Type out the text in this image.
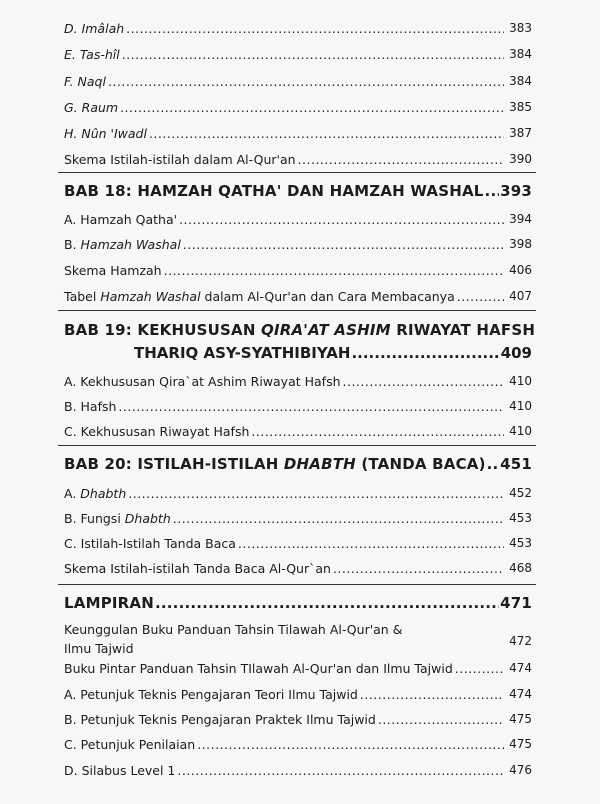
D. Imâlah .....	383
E. Tas-hîl .....	384
F. Naql .....	384
G. Raum .....	385
H. Nûn 'Iwadl .....	387
Skema Istilah-istilah dalam Al-Qur'an .....	390
BAB 18: HAMZAH QATHA' DAN HAMZAH WASHAL ..... 393
A. Hamzah Qatha' .....	394
B. Hamzah Washal .....	398
Skema Hamzah .....	406
Tabel Hamzah Washal dalam Al-Qur'an dan Cara Membacanya .....	407
BAB 19: KEKHUSUSAN QIRA'AT ASHIM RIWAYAT HAFSH
THARIQ ASY-SYATHIBIYAH .....	409
A. Kekhususan Qira`at Ashim Riwayat Hafsh .....	410
B. Hafsh .....	410
C. Kekhususan Riwayat Hafsh .....	410
BAB 20: ISTILAH-ISTILAH DHABTH (TANDA BACA) ..... 451
A. Dhabth .....	452
B. Fungsi Dhabth .....	453
C. Istilah-Istilah Tanda Baca .....	453
Skema Istilah-istilah Tanda Baca Al-Qur`an .....	468
LAMPIRAN .....	471
Keunggulan Buku Panduan Tahsin Tilawah Al-Qur'an &
Ilmu Tajwid	472
Buku Pintar Panduan Tahsin TIlawah Al-Qur'an dan Ilmu Tajwid .....	474
A. Petunjuk Teknis Pengajaran Teori Ilmu Tajwid .....	474
B. Petunjuk Teknis Pengajaran Praktek Ilmu Tajwid .....	475
C. Petunjuk Penilaian .....	475
D. Silabus Level 1 .....	476
